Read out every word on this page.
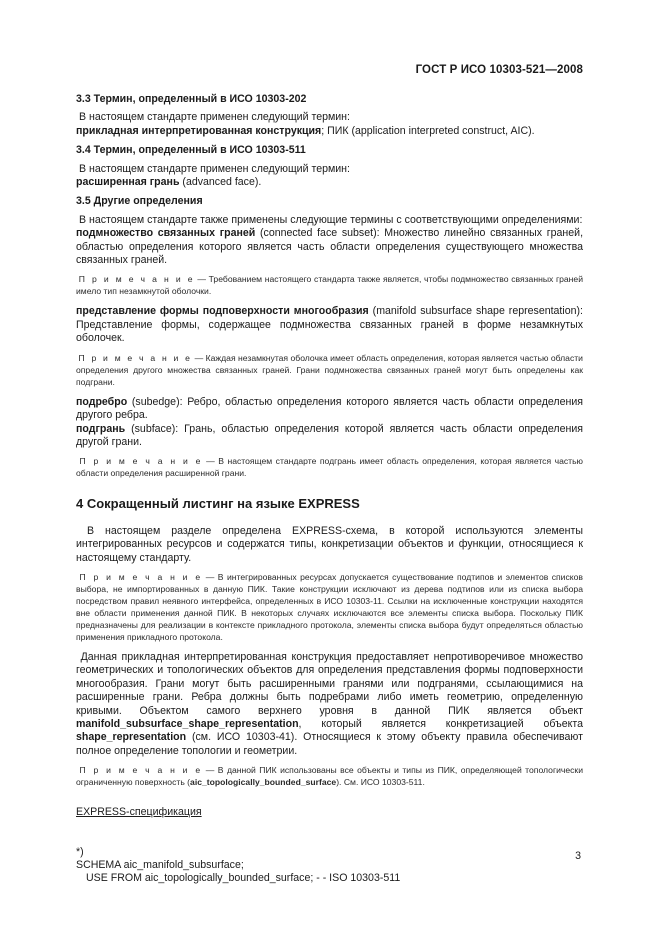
ГОСТ Р ИСО 10303-521—2008
3.3 Термин, определенный в ИСО 10303-202

В настоящем стандарте применен следующий термин:

прикладная интерпретированная конструкция; ПИК (application interpreted construct, AIC).

3.4 Термин, определенный в ИСО 10303-511

В настоящем стандарте применен следующий термин:

расширенная грань (advanced face).

3.5 Другие определения

В настоящем стандарте также применены следующие термины с соответствующими определениями:

подмножество связанных граней (connected face subset): Множество линейно связанных граней, областью определения которого является часть области определения существующего множества связанных граней.

П р и м е ч а н и е — Требованием настоящего стандарта также является, чтобы подмножество связанных граней имело тип незамкнутой оболочки.

представление формы подповерхности многообразия (manifold subsurface shape representation): Представление формы, содержащее подмножества связанных граней в форме незамкнутых оболочек.

П р и м е ч а н и е — Каждая незамкнутая оболочка имеет область определения, которая является частью области определения другого множества связанных граней. Грани подмножества связанных граней могут быть определены как подграни.

подребро (subedge): Ребро, областью определения которого является часть области определения другого ребра.

подгрань (subface): Грань, областью определения которой является часть области определения другой грани.

П р и м е ч а н и е — В настоящем стандарте подгрань имеет область определения, которая является частью области определения расширенной грани.

4 Сокращенный листинг на языке EXPRESS

В настоящем разделе определена EXPRESS-схема, в которой используются элементы интегрированных ресурсов и содержатся типы, конкретизации объектов и функции, относящиеся к настоящему стандарту.

П р и м е ч а н и е — В интегрированных ресурсах допускается существование подтипов и элементов списков выбора, не импортированных в данную ПИК. Такие конструкции исключают из дерева подтипов или из списка выбора посредством правил неявного интерфейса, определенных в ИСО 10303-11. Ссылки на исключенные конструкции находятся вне области применения данной ПИК. В некоторых случаях исключаются все элементы списка выбора. Поскольку ПИК предназначены для реализации в контексте прикладного протокола, элементы списка выбора будут определяться областью применения прикладного протокола.

Данная прикладная интерпретированная конструкция предоставляет непротиворечивое множество геометрических и топологических объектов для определения представления формы подповерхности многообразия. Грани могут быть расширенными гранями или подгранями, ссылающимися на расширенные грани. Ребра должны быть подребрами либо иметь геометрию, определенную кривыми. Объектом самого верхнего уровня в данной ПИК является объект manifold_subsurface_shape_representation, который является конкретизацией объекта shape_representation (см. ИСО 10303-41). Относящиеся к этому объекту правила обеспечивают полное определение топологии и геометрии.

П р и м е ч а н и е — В данной ПИК использованы все объекты и типы из ПИК, определяющей топологически ограниченную поверхность (aic_topologically_bounded_surface). См. ИСО 10303-511.

EXPRESS-спецификация
*)
SCHEMA aic_manifold_subsurface;
USE FROM aic_topologically_bounded_surface; - - ISO 10303-511
3
